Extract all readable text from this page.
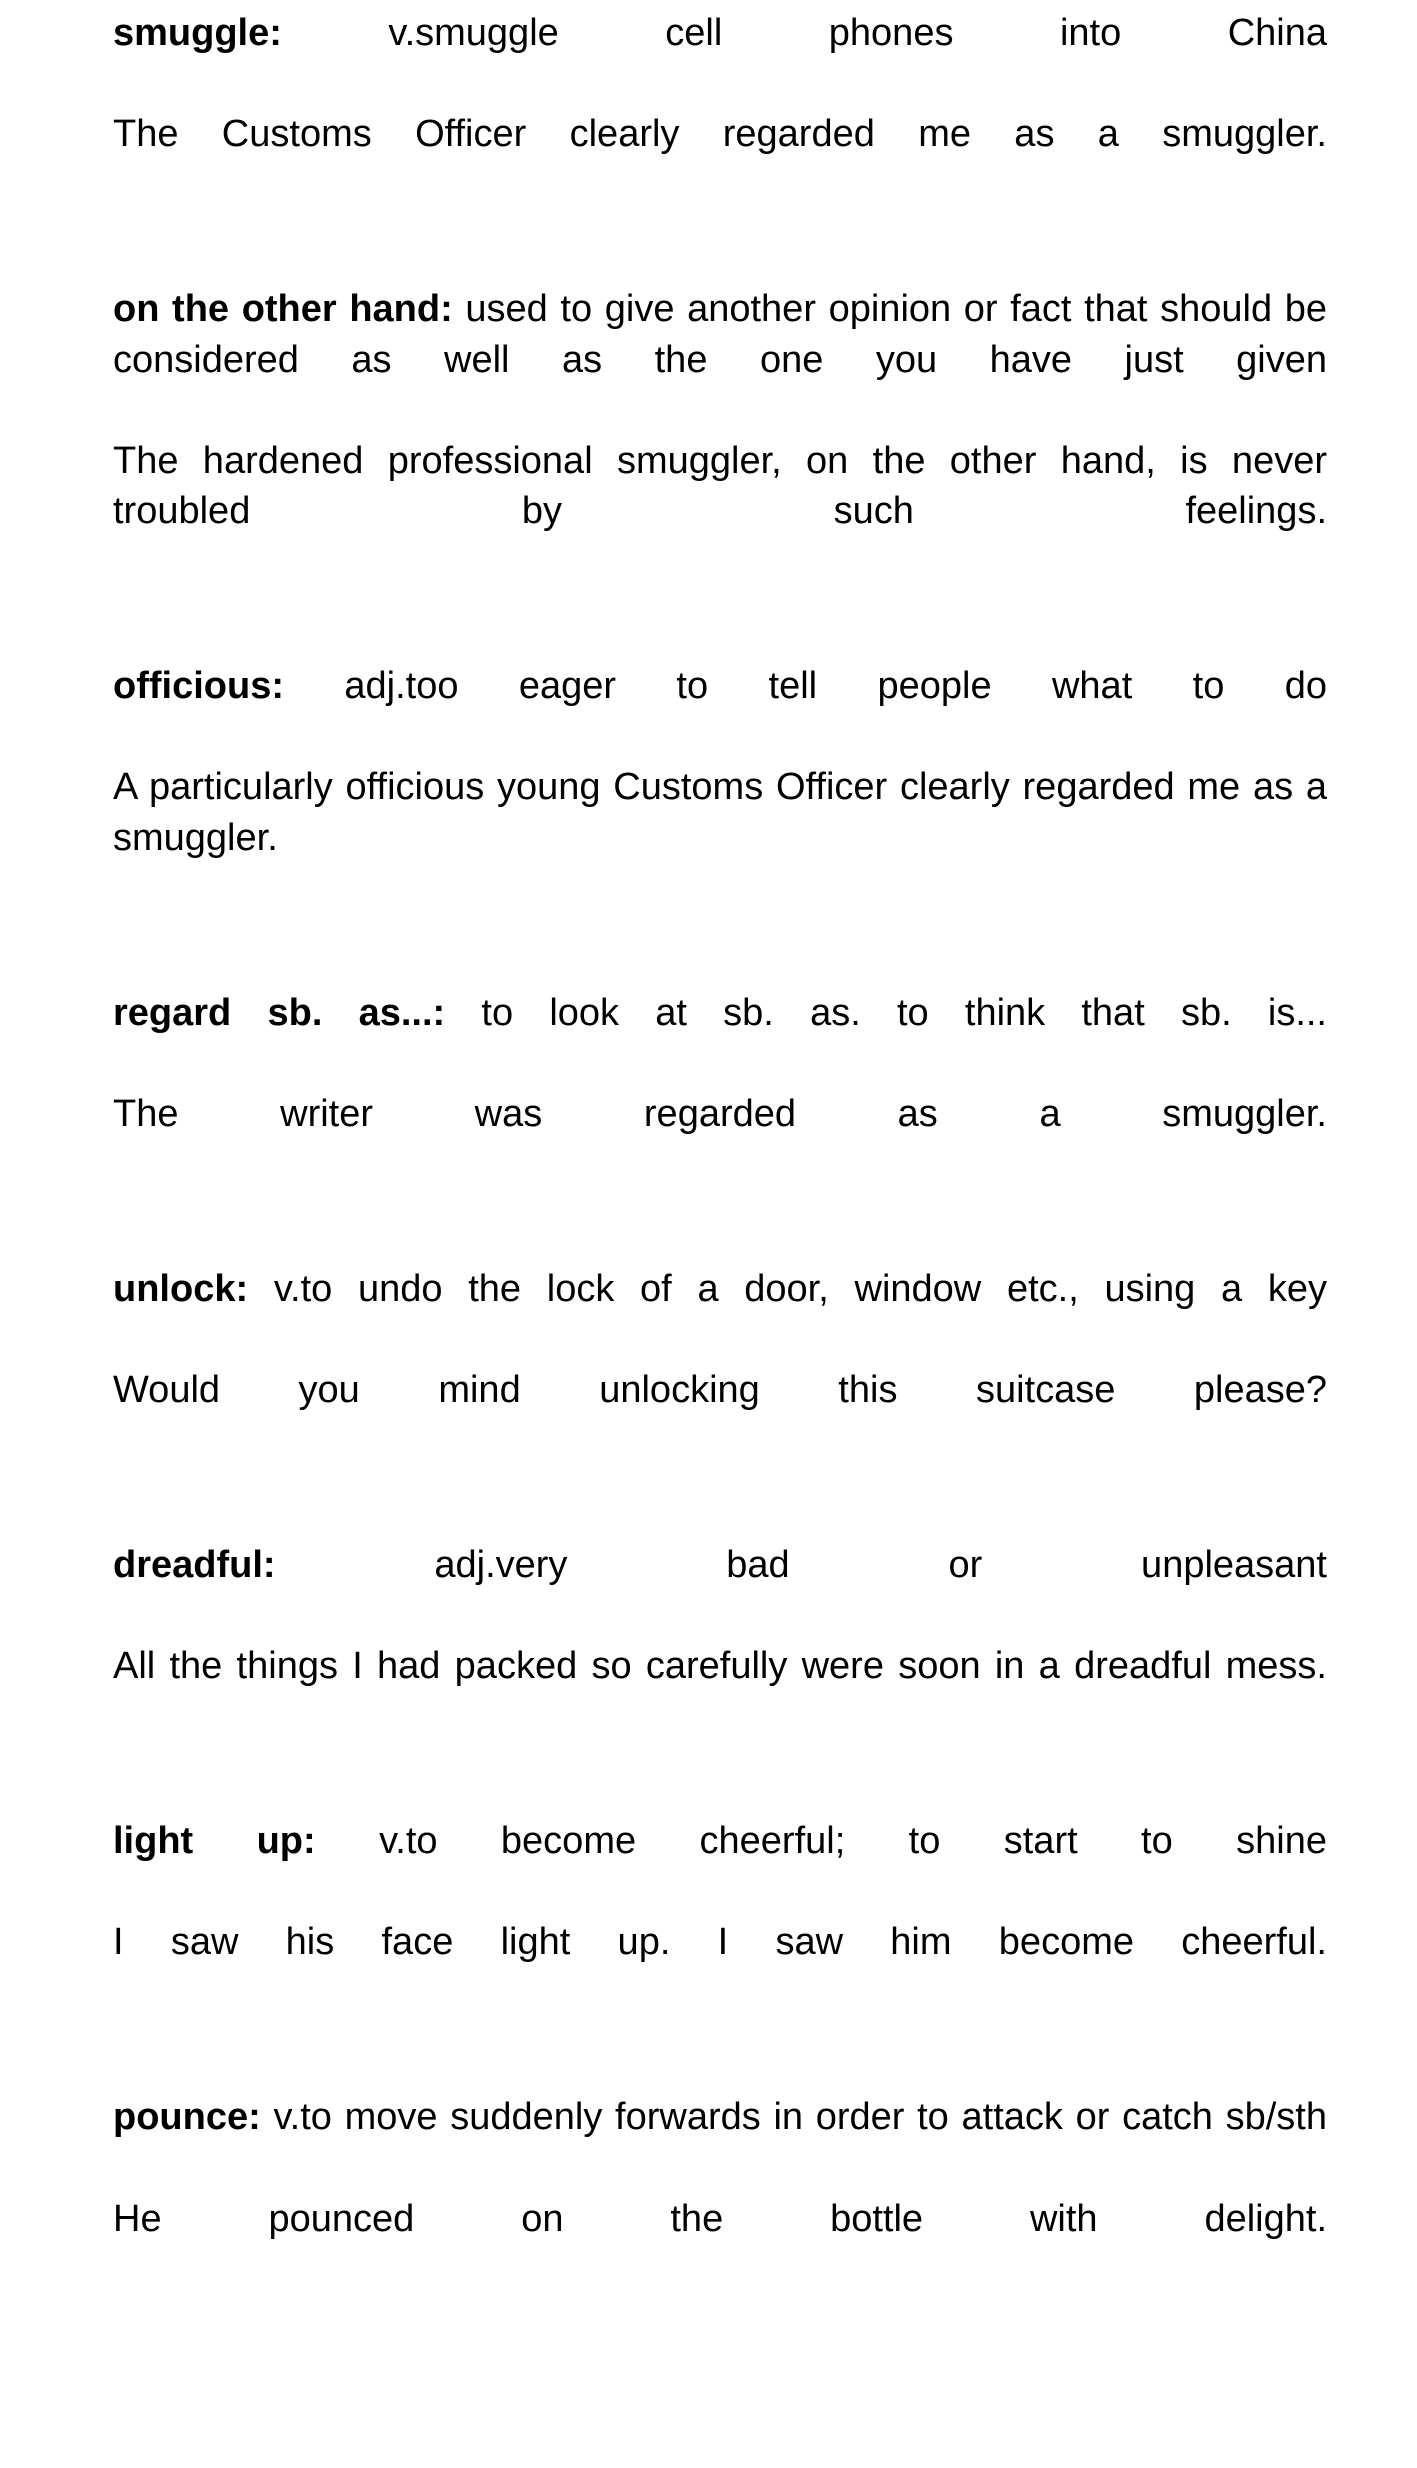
smuggle: v.smuggle cell phones into China

The Customs Officer clearly regarded me as a smuggler.

on the other hand: used to give another opinion or fact that should be considered as well as the one you have just given

The hardened professional smuggler, on the other hand, is never troubled by such feelings.

officious: adj.too eager to tell people what to do

A particularly officious young Customs Officer clearly regarded me as a smuggler.

regard sb. as...: to look at sb. as. to think that sb. is...

The writer was regarded as a smuggler.

unlock: v.to undo the lock of a door, window etc., using a key

Would you mind unlocking this suitcase please?

dreadful: adj.very bad or unpleasant

All the things I had packed so carefully were soon in a dreadful mess.

light up: v.to become cheerful; to start to shine

I saw his face light up. I saw him become cheerful.

pounce: v.to move suddenly forwards in order to attack or catch sb/sth

He pounced on the bottle with delight.
